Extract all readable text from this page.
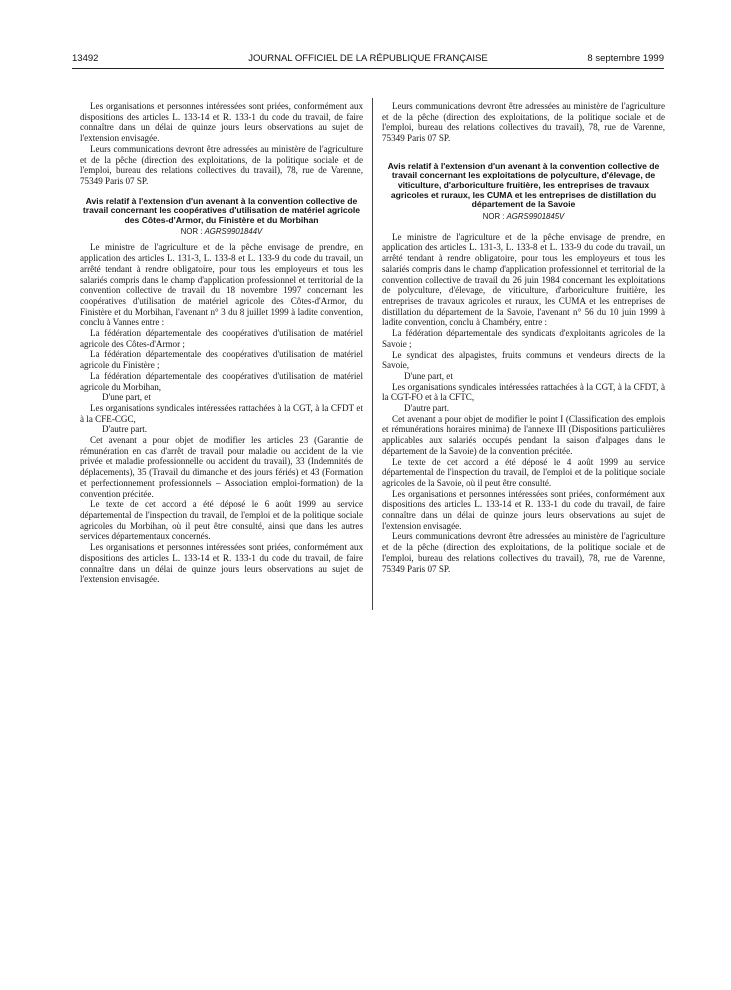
13492	JOURNAL OFFICIEL DE LA RÉPUBLIQUE FRANÇAISE	8 septembre 1999

Les organisations et personnes intéressées sont priées, conformément aux dispositions des articles L. 133-14 et R. 133-1 du code du travail, de faire connaître dans un délai de quinze jours leurs observations au sujet de l'extension envisagée.

Leurs communications devront être adressées au ministère de l'agriculture et de la pêche (direction des exploitations, de la politique sociale et de l'emploi, bureau des relations collectives du travail), 78, rue de Varenne, 75349 Paris 07 SP.

Avis relatif à l'extension d'un avenant à la convention collective de travail concernant les coopératives d'utilisation de matériel agricole des Côtes-d'Armor, du Finistère et du Morbihan
NOR : AGRS9901844V

Le ministre de l'agriculture et de la pêche envisage de prendre, en application des articles L. 131-3, L. 133-8 et L. 133-9 du code du travail, un arrêté tendant à rendre obligatoire, pour tous les employeurs et tous les salariés compris dans le champ d'application professionnel et territorial de la convention collective de travail du 18 novembre 1997 concernant les coopératives d'utilisation de matériel agricole des Côtes-d'Armor, du Finistère et du Morbihan, l'avenant n° 3 du 8 juillet 1999 à ladite convention, conclu à Vannes entre :

La fédération départementale des coopératives d'utilisation de matériel agricole des Côtes-d'Armor ;

La fédération départementale des coopératives d'utilisation de matériel agricole du Finistère ;

La fédération départementale des coopératives d'utilisation de matériel agricole du Morbihan,

D'une part, et

Les organisations syndicales intéressées rattachées à la CGT, à la CFDT et à la CFE-CGC,

D'autre part.

Cet avenant a pour objet de modifier les articles 23 (Garantie de rémunération en cas d'arrêt de travail pour maladie ou accident de la vie privée et maladie professionnelle ou accident du travail), 33 (Indemnités de déplacements), 35 (Travail du dimanche et des jours fériés) et 43 (Formation et perfectionnement professionnels – Association emploi-formation) de la convention précitée.

Le texte de cet accord a été déposé le 6 août 1999 au service départemental de l'inspection du travail, de l'emploi et de la politique sociale agricoles du Morbihan, où il peut être consulté, ainsi que dans les autres services départementaux concernés.

Les organisations et personnes intéressées sont priées, conformément aux dispositions des articles L. 133-14 et R. 133-1 du code du travail, de faire connaître dans un délai de quinze jours leurs observations au sujet de l'extension envisagée.

Leurs communications devront être adressées au ministère de l'agriculture et de la pêche (direction des exploitations, de la politique sociale et de l'emploi, bureau des relations collectives du travail), 78, rue de Varenne, 75349 Paris 07 SP.

Avis relatif à l'extension d'un avenant à la convention collective de travail concernant les exploitations de polyculture, d'élevage, de viticulture, d'arboriculture fruitière, les entreprises de travaux agricoles et ruraux, les CUMA et les entreprises de distillation du département de la Savoie
NOR : AGRS9901845V

Le ministre de l'agriculture et de la pêche envisage de prendre, en application des articles L. 131-3, L. 133-8 et L. 133-9 du code du travail, un arrêté tendant à rendre obligatoire, pour tous les employeurs et tous les salariés compris dans le champ d'application professionnel et territorial de la convention collective de travail du 26 juin 1984 concernant les exploitations de polyculture, d'élevage, de viticulture, d'arboriculture fruitière, les entreprises de travaux agricoles et ruraux, les CUMA et les entreprises de distillation du département de la Savoie, l'avenant n° 56 du 10 juin 1999 à ladite convention, conclu à Chambéry, entre :

La fédération départementale des syndicats d'exploitants agricoles de la Savoie ;

Le syndicat des alpagistes, fruits communs et vendeurs directs de la Savoie,

D'une part, et

Les organisations syndicales intéressées rattachées à la CGT, à la CFDT, à la CGT-FO et à la CFTC,

D'autre part.

Cet avenant a pour objet de modifier le point I (Classification des emplois et rémunérations horaires minima) de l'annexe III (Dispositions particulières applicables aux salariés occupés pendant la saison d'alpages dans le département de la Savoie) de la convention précitée.

Le texte de cet accord a été déposé le 4 août 1999 au service départemental de l'inspection du travail, de l'emploi et de la politique sociale agricoles de la Savoie, où il peut être consulté.

Les organisations et personnes intéressées sont priées, conformément aux dispositions des articles L. 133-14 et R. 133-1 du code du travail, de faire connaître dans un délai de quinze jours leurs observations au sujet de l'extension envisagée.

Leurs communications devront être adressées au ministère de l'agriculture et de la pêche (direction des exploitations, de la politique sociale et de l'emploi, bureau des relations collectives du travail), 78, rue de Varenne, 75349 Paris 07 SP.
